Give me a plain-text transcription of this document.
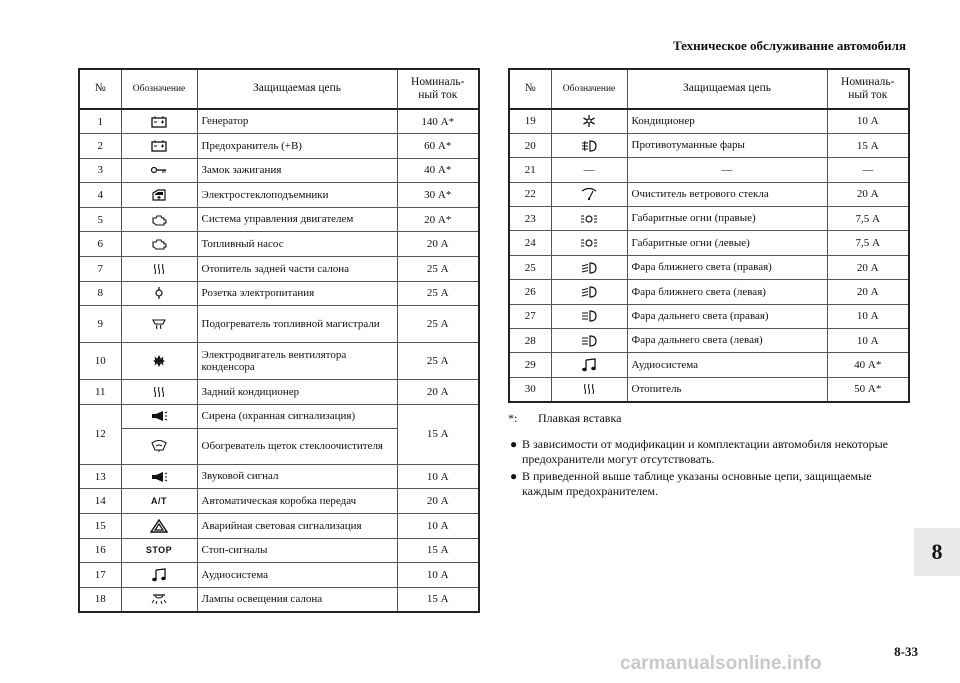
Техническое обслуживание автомобиля
№	Обозначение	Защищаемая цепь	Номиналь-
ный ток
1		Генератор	140 А*
2		Предохранитель (+B)	60 А*
3		Замок зажигания	40 А*
4		Электростеклоподъемники	30 А*
5		Система управления двигателем	20 А*
6		Топливный насос	20 А
7		Отопитель задней части салона	25 А
8		Розетка электропитания	25 А
9		Подогреватель топливной магистрали	25 А
10		Электродвигатель вентилятора конденсора	25 А
11		Задний кондиционер	20 А
12		Сирена (охранная сигнализация)	15 А

	Обогреватель щеток стеклоочистителя	
13		Звуковой сигнал	10 А
14	A/T	Автоматическая коробка передач	20 А
15		Аварийная световая сигнализация	10 А
16	STOP	Стоп-сигналы	15 А
17		Аудиосистема	10 А
18		Лампы освещения салона	15 А
№	Обозначение	Защищаемая цепь	Номиналь-
ный ток
19		Кондиционер	10 А
20		Противотуманные фары	15 А
21	—	—	—
22		Очиститель ветрового стекла	20 А
23		Габаритные огни (правые)	7,5 А
24		Габаритные огни (левые)	7,5 А
25		Фара ближнего света (правая)	20 А
26		Фара ближнего света (левая)	20 А
27		Фара дальнего света (правая)	10 А
28		Фара дальнего света (левая)	10 А
29		Аудиосистема	40 А*
30		Отопитель	50 А*
*:	Плавкая вставка
● В зависимости от модификации и комплектации автомобиля некоторые предохранители могут отсутствовать.
● В приведенной выше таблице указаны основные цепи, защищаемые каждым предохранителем.
8
8-33
carmanualsonline.info
